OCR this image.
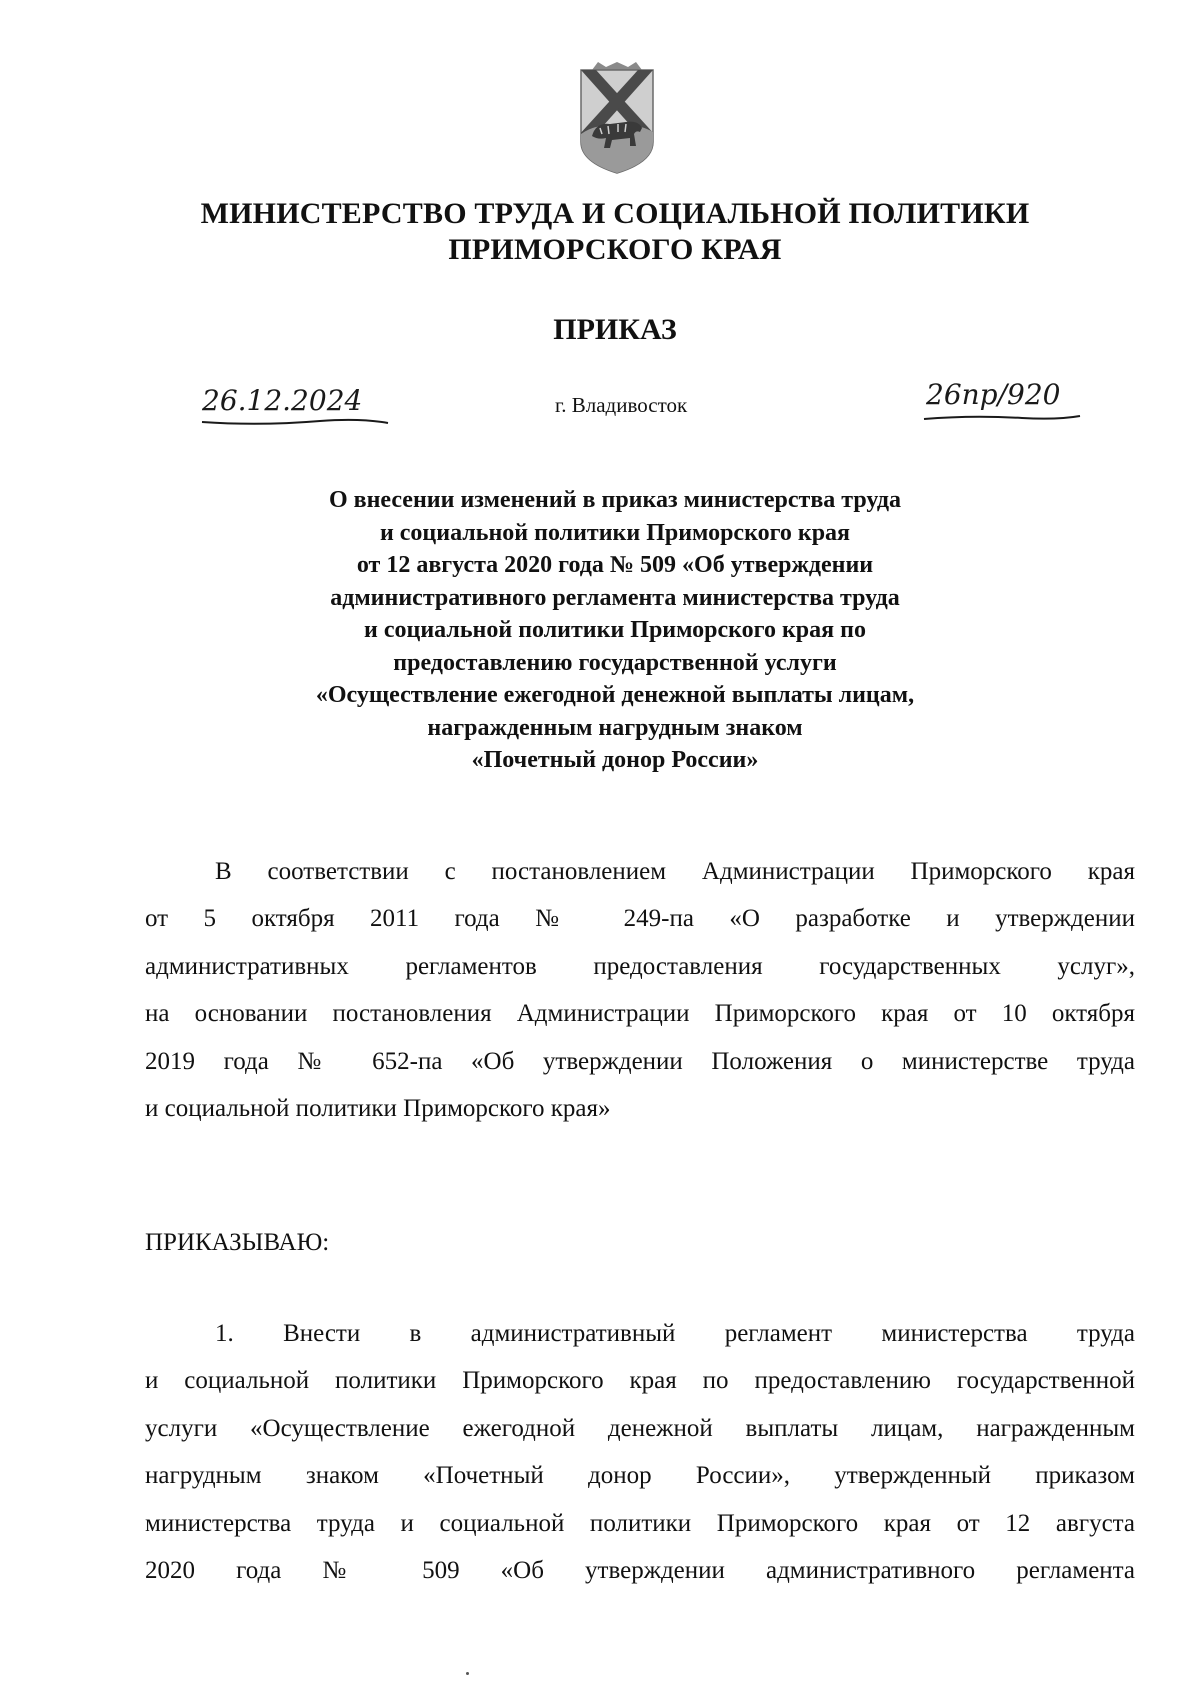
МИНИСТЕРСТВО ТРУДА И СОЦИАЛЬНОЙ ПОЛИТИКИ
ПРИМОРСКОГО КРАЯ
ПРИКАЗ
26.12.2024	г. Владивосток	26пр/920
О внесении изменений в приказ министерства труда
и социальной политики Приморского края
от 12 августа 2020 года № 509 «Об утверждении
административного регламента министерства труда
и социальной политики Приморского края по
предоставлению государственной услуги
«Осуществление ежегодной денежной выплаты лицам,
награжденным нагрудным знаком
«Почетный донор России»
В соответствии с постановлением Администрации Приморского края
от 5 октября 2011 года № 249-па «О разработке и утверждении
административных регламентов предоставления государственных услуг»,
на основании постановления Администрации Приморского края от 10 октября
2019 года № 652-па «Об утверждении Положения о министерстве труда
и социальной политики Приморского края»
ПРИКАЗЫВАЮ:
1. Внести в административный регламент министерства труда
и социальной политики Приморского края по предоставлению государственной
услуги «Осуществление ежегодной денежной выплаты лицам, награжденным
нагрудным знаком «Почетный донор России», утвержденный приказом
министерства труда и социальной политики Приморского края от 12 августа
2020 года № 509 «Об утверждении административного регламента
